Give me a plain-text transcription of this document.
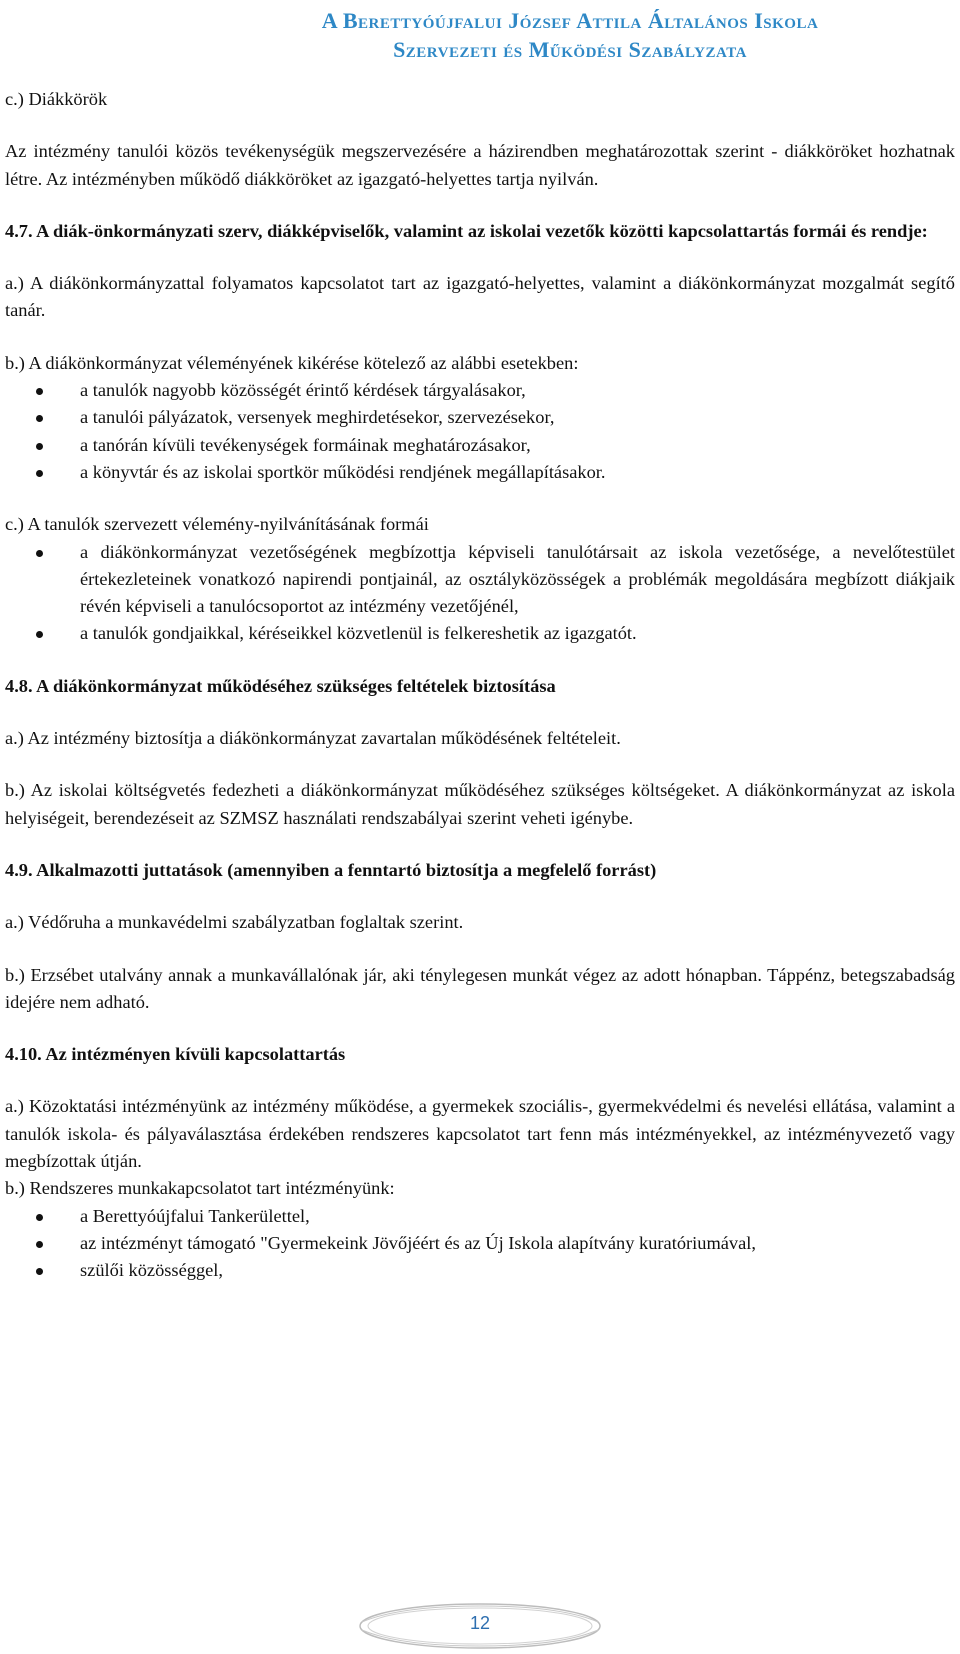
A Berettyóújfalui József Attila Általános Iskola
Szervezeti és Működési Szabályzata

c.) Diákkörök

Az intézmény tanulói közös tevékenységük megszervezésére a házirendben meghatározottak szerint - diákköröket hozhatnak létre. Az intézményben működő diákköröket az igazgató-helyettes tartja nyilván.

4.7. A diák-önkormányzati szerv, diákképviselők, valamint az iskolai vezetők közötti kapcsolattartás formái és rendje:

a.) A diákönkormányzattal folyamatos kapcsolatot tart az igazgató-helyettes, valamint a diákönkormányzat mozgalmát segítő tanár.

b.) A diákönkormányzat véleményének kikérése kötelező az alábbi esetekben:

a tanulók nagyobb közösségét érintő kérdések tárgyalásakor,
a tanulói pályázatok, versenyek meghirdetésekor, szervezésekor,
a tanórán kívüli tevékenységek formáinak meghatározásakor,
a könyvtár és az iskolai sportkör működési rendjének megállapításakor.

c.) A tanulók szervezett vélemény-nyilvánításának formái

a diákönkormányzat vezetőségének megbízottja képviseli tanulótársait az iskola vezetősége, a nevelőtestület értekezleteinek vonatkozó napirendi pontjainál, az osztályközösségek a problémák megoldására megbízott diákjaik révén képviseli a tanulócsoportot az intézmény vezetőjénél,
a tanulók gondjaikkal, kéréseikkel közvetlenül is felkereshetik az igazgatót.
4.8. A diákönkormányzat működéséhez szükséges feltételek biztosítása

a.) Az intézmény biztosítja a diákönkormányzat zavartalan működésének feltételeit.

b.) Az iskolai költségvetés fedezheti a diákönkormányzat működéséhez szükséges költségeket. A diákönkormányzat az iskola helyiségeit, berendezéseit az SZMSZ használati rendszabályai szerint veheti igénybe.

4.9. Alkalmazotti juttatások (amennyiben a fenntartó biztosítja a megfelelő forrást)

a.) Védőruha a munkavédelmi szabályzatban foglaltak szerint.

b.) Erzsébet utalvány annak a munkavállalónak jár, aki ténylegesen munkát végez az adott hónapban. Táppénz, betegszabadság idejére nem adható.

4.10. Az intézményen kívüli kapcsolattartás

a.) Közoktatási intézményünk az intézmény működése, a gyermekek szociális-, gyermekvédelmi és nevelési ellátása, valamint a tanulók iskola- és pályaválasztása érdekében rendszeres kapcsolatot tart fenn más intézményekkel, az intézményvezető vagy megbízottak útján.

b.) Rendszeres munkakapcsolatot tart intézményünk:

a Berettyóújfalui Tankerülettel,
az intézményt támogató "Gyermekeink Jövőjéért és az Új Iskola alapítvány kuratóriumával,
szülői közösséggel,
12
